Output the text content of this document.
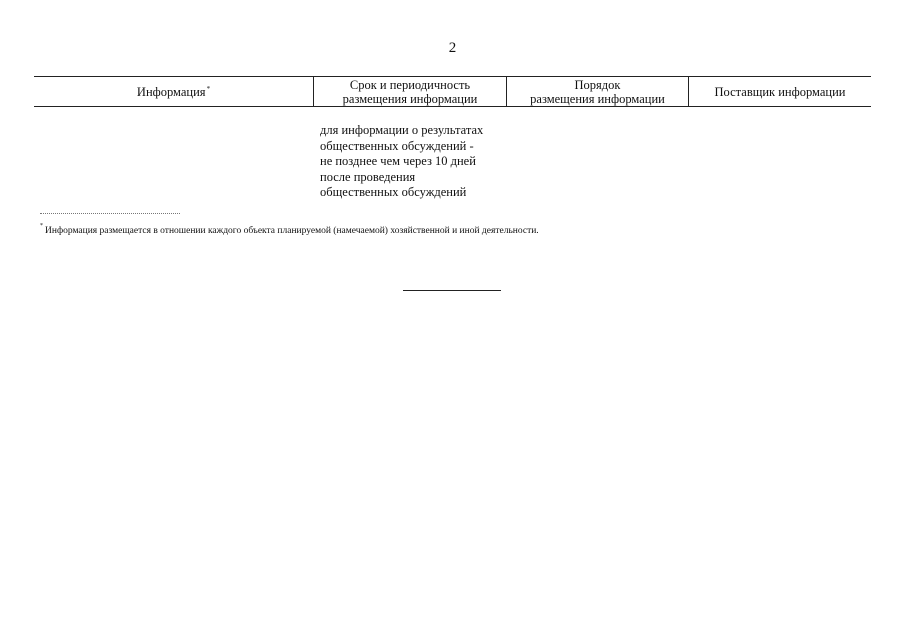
2
Информация*	Срок и периодичность
размещения информации
Порядок
размещения информации	Поставщик информации
для информации о результатах
общественных обсуждений -
не позднее чем через 10 дней
после проведения
общественных обсуждений
* Информация размещается в отношении каждого объекта планируемой (намечаемой) хозяйственной и иной деятельности.
